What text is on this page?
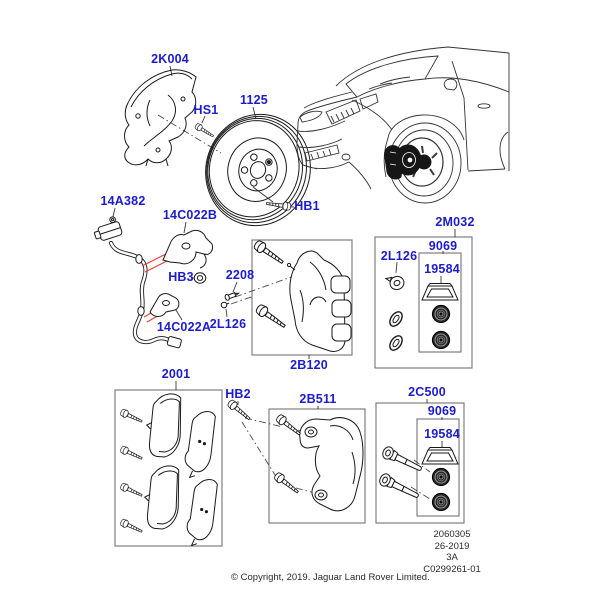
2K004
HS1
1125
HB1
14A382
14C022B
HB3	2208
2L126
14C022A
2B120
2M032
9069
2L126
19584
2001
HB2	2B511	2C500
9069
19584
2060305
26-2019
3A
C0299261-01
© Copyright, 2019. Jaguar Land Rover Limited.
